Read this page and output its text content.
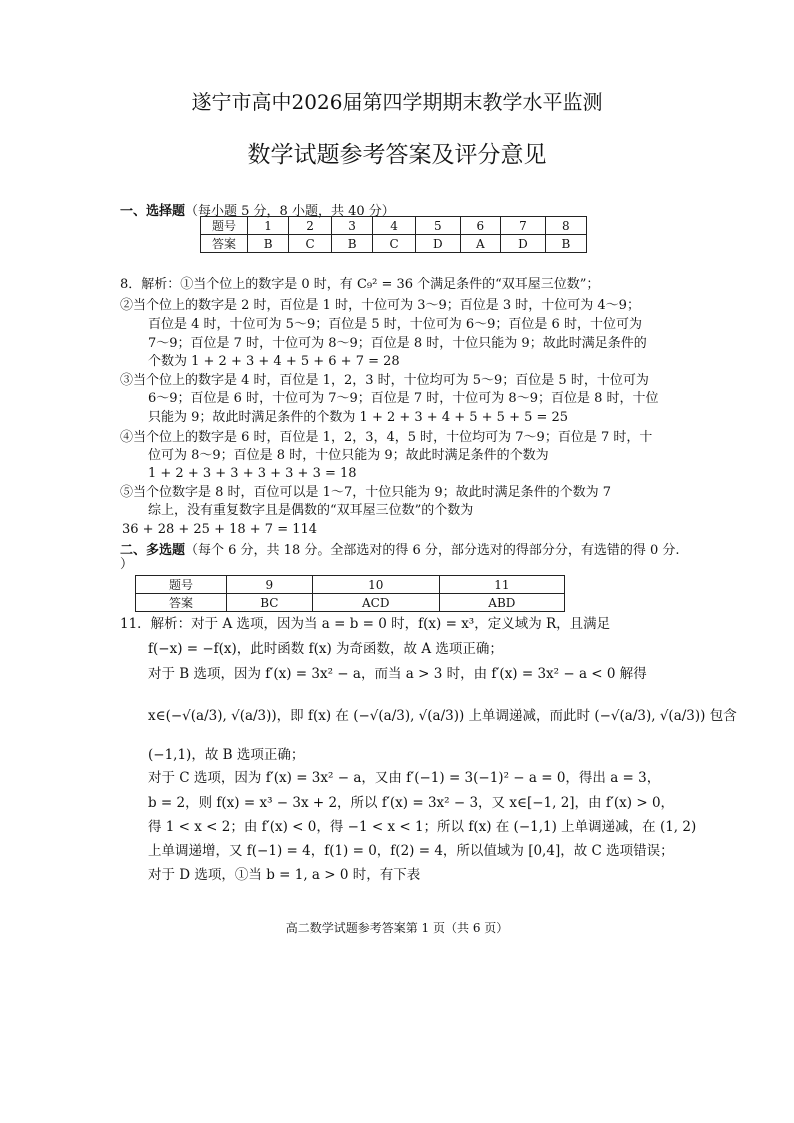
遂宁市高中2026届第四学期期末教学水平监测
数学试题参考答案及评分意见
一、选择题（每小题 5 分，8 小题，共 40 分）
题号	1	2	3	4	5	6	7	8
答案	B	C	B	C	D	A	D	B
8．解析：①当个位上的数字是 0 时，有 C₉² = 36 个满足条件的“双耳屋三位数”；
②当个位上的数字是 2 时，百位是 1 时，十位可为 3～9；百位是 3 时，十位可为 4～9；
百位是 4 时，十位可为 5～9；百位是 5 时，十位可为 6～9；百位是 6 时，十位可为
7～9；百位是 7 时，十位可为 8～9；百位是 8 时，十位只能为 9；故此时满足条件的
个数为 1 + 2 + 3 + 4 + 5 + 6 + 7 = 28
③当个位上的数字是 4 时，百位是 1，2，3 时，十位均可为 5～9；百位是 5 时，十位可为
6～9；百位是 6 时，十位可为 7～9；百位是 7 时，十位可为 8～9；百位是 8 时，十位
只能为 9；故此时满足条件的个数为 1 + 2 + 3 + 4 + 5 + 5 + 5 = 25
④当个位上的数字是 6 时，百位是 1，2，3，4，5 时，十位均可为 7～9；百位是 7 时，十
位可为 8～9；百位是 8 时，十位只能为 9；故此时满足条件的个数为
1 + 2 + 3 + 3 + 3 + 3 + 3 = 18
⑤当个位数字是 8 时，百位可以是 1～7，十位只能为 9；故此时满足条件的个数为 7
综上，没有重复数字且是偶数的“双耳屋三位数”的个数为
36 + 28 + 25 + 18 + 7 = 114
二、多选题（每个 6 分，共 18 分。全部选对的得 6 分，部分选对的得部分分，有选错的得 0 分.
）
题号	9	10	11
答案	BC	ACD	ABD
11．解析：对于 A 选项，因为当 a = b = 0 时，f(x) = x³，定义域为 R，且满足
f(−x) = −f(x)，此时函数 f(x) 为奇函数，故 A 选项正确；
对于 B 选项，因为 f′(x) = 3x² − a，而当 a > 3 时，由 f′(x) = 3x² − a < 0 解得
x∈(−√(a/3), √(a/3))，即 f(x) 在 (−√(a/3), √(a/3)) 上单调递减，而此时 (−√(a/3), √(a/3)) 包含
(−1,1)，故 B 选项正确；
对于 C 选项，因为 f′(x) = 3x² − a，又由 f′(−1) = 3(−1)² − a = 0，得出 a = 3，
b = 2，则 f(x) = x³ − 3x + 2，所以 f′(x) = 3x² − 3，又 x∈[−1, 2]，由 f′(x) > 0，
得 1 < x < 2；由 f′(x) < 0，得 −1 < x < 1；所以 f(x) 在 (−1,1) 上单调递减，在 (1, 2)
上单调递增，又 f(−1) = 4，f(1) = 0，f(2) = 4，所以值域为 [0,4]，故 C 选项错误；
对于 D 选项，①当 b = 1, a > 0 时，有下表
高二数学试题参考答案第 1 页（共 6 页）
